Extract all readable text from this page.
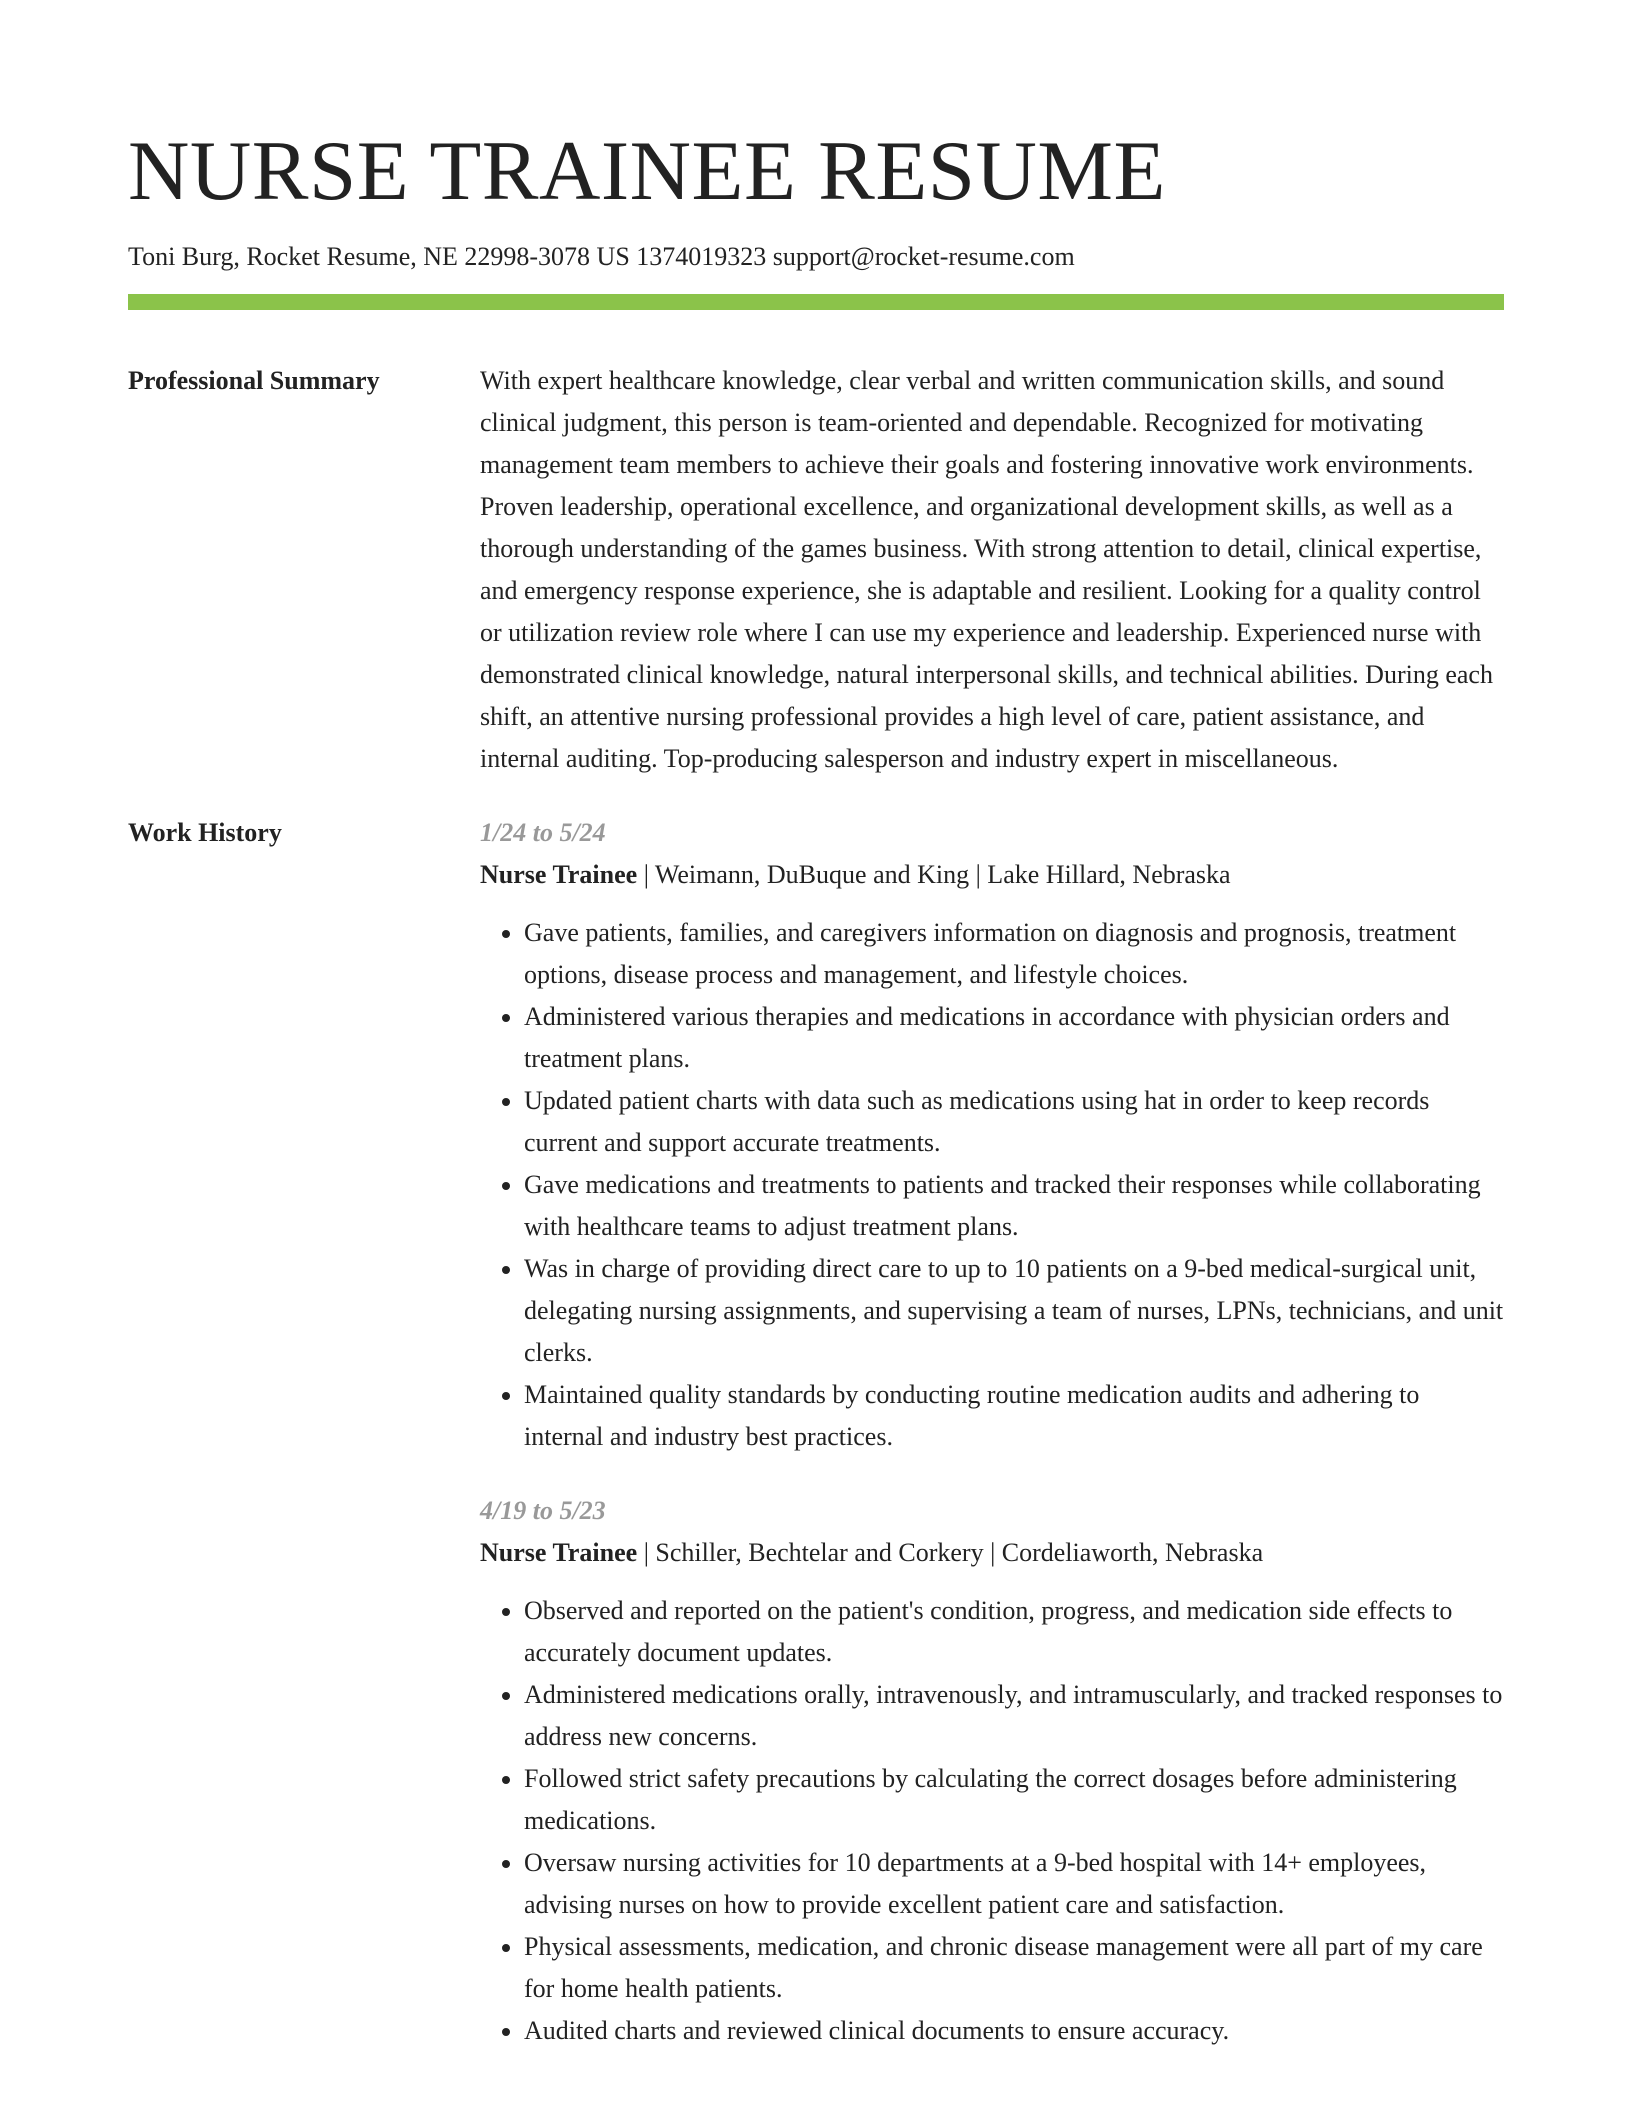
NURSE TRAINEE RESUME
Toni Burg, Rocket Resume, NE 22998-3078 US 1374019323 support@rocket-resume.com
Professional Summary	With expert healthcare knowledge, clear verbal and written communication skills, and sound clinical judgment, this person is team-oriented and dependable. Recognized for motivating management team members to achieve their goals and fostering innovative work environments. Proven leadership, operational excellence, and organizational development skills, as well as a thorough understanding of the games business. With strong attention to detail, clinical expertise, and emergency response experience, she is adaptable and resilient. Looking for a quality control or utilization review role where I can use my experience and leadership. Experienced nurse with demonstrated clinical knowledge, natural interpersonal skills, and technical abilities. During each shift, an attentive nursing professional provides a high level of care, patient assistance, and internal auditing. Top-producing salesperson and industry expert in miscellaneous.

Work History	1/24 to 5/24
Nurse Trainee | Weimann, DuBuque and King | Lake Hillard, Nebraska
• Gave patients, families, and caregivers information on diagnosis and prognosis, treatment options, disease process and management, and lifestyle choices.
• Administered various therapies and medications in accordance with physician orders and treatment plans.
• Updated patient charts with data such as medications using hat in order to keep records current and support accurate treatments.
• Gave medications and treatments to patients and tracked their responses while collaborating with healthcare teams to adjust treatment plans.
• Was in charge of providing direct care to up to 10 patients on a 9-bed medical-surgical unit, delegating nursing assignments, and supervising a team of nurses, LPNs, technicians, and unit clerks.
• Maintained quality standards by conducting routine medication audits and adhering to internal and industry best practices.
4/19 to 5/23
Nurse Trainee | Schiller, Bechtelar and Corkery | Cordeliaworth, Nebraska
• Observed and reported on the patient's condition, progress, and medication side effects to accurately document updates.
• Administered medications orally, intravenously, and intramuscularly, and tracked responses to address new concerns.
• Followed strict safety precautions by calculating the correct dosages before administering medications.
• Oversaw nursing activities for 10 departments at a 9-bed hospital with 14+ employees, advising nurses on how to provide excellent patient care and satisfaction.
• Physical assessments, medication, and chronic disease management were all part of my care for home health patients.
• Audited charts and reviewed clinical documents to ensure accuracy.
